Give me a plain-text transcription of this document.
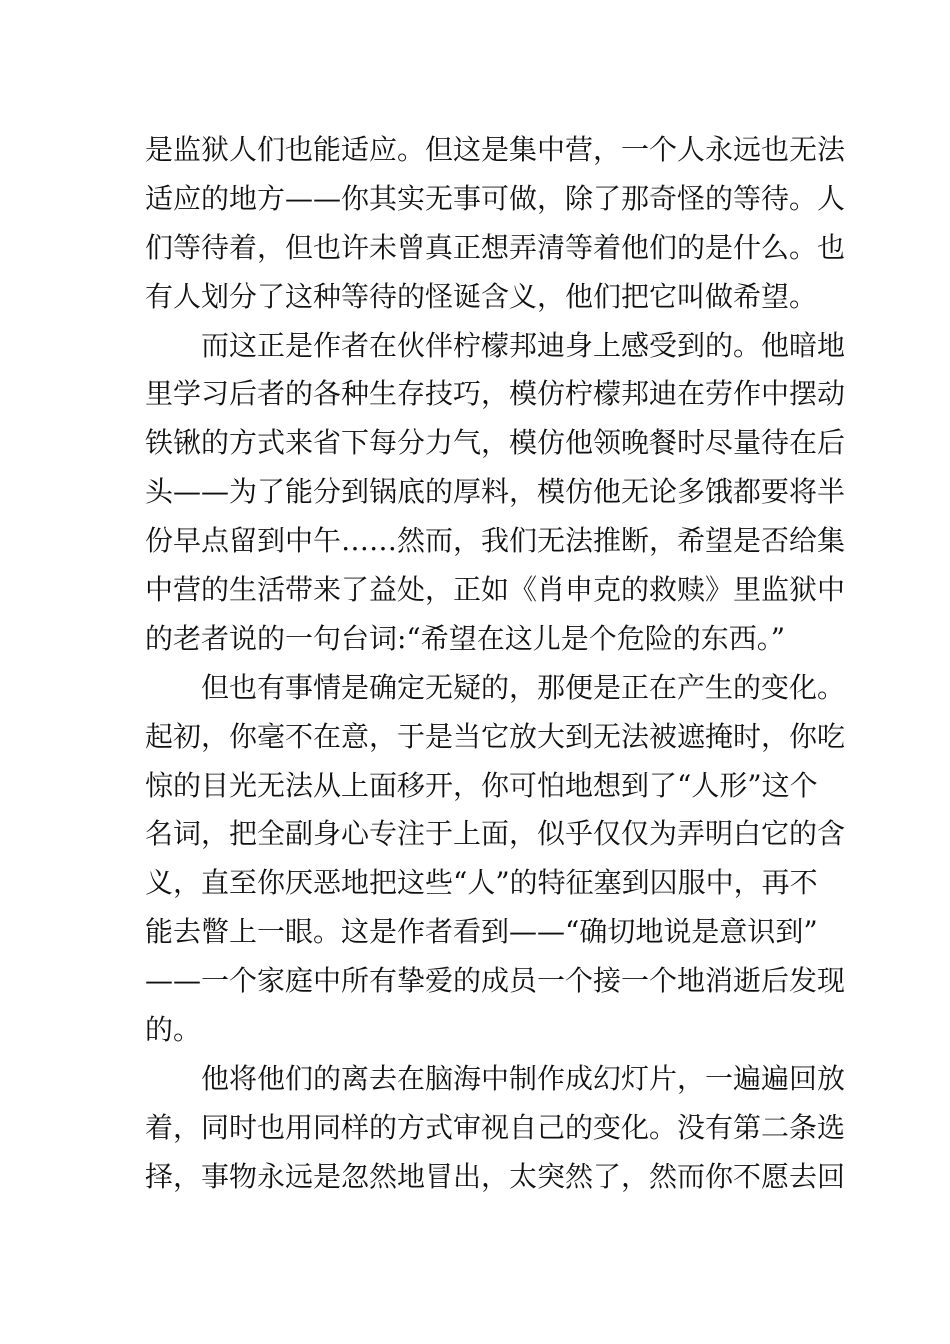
是监狱人们也能适应。但这是集中营，一个人永远也无法
适应的地方——你其实无事可做，除了那奇怪的等待。人
们等待着，但也许未曾真正想弄清等着他们的是什么。也
有人划分了这种等待的怪诞含义，他们把它叫做希望。
而这正是作者在伙伴柠檬邦迪身上感受到的。他暗地
里学习后者的各种生存技巧，模仿柠檬邦迪在劳作中摆动
铁锹的方式来省下每分力气，模仿他领晚餐时尽量待在后
头——为了能分到锅底的厚料，模仿他无论多饿都要将半
份早点留到中午……然而，我们无法推断，希望是否给集
中营的生活带来了益处，正如《肖申克的救赎》里监狱中
的老者说的一句台词:“希望在这儿是个危险的东西。”
但也有事情是确定无疑的，那便是正在产生的变化。
起初，你毫不在意，于是当它放大到无法被遮掩时，你吃
惊的目光无法从上面移开，你可怕地想到了“人形”这个
名词，把全副身心专注于上面，似乎仅仅为弄明白它的含
义，直至你厌恶地把这些“人”的特征塞到囚服中，再不
能去瞥上一眼。这是作者看到——“确切地说是意识到”
——一个家庭中所有挚爱的成员一个接一个地消逝后发现
的。
他将他们的离去在脑海中制作成幻灯片，一遍遍回放
着，同时也用同样的方式审视自己的变化。没有第二条选
择，事物永远是忽然地冒出，太突然了，然而你不愿去回
